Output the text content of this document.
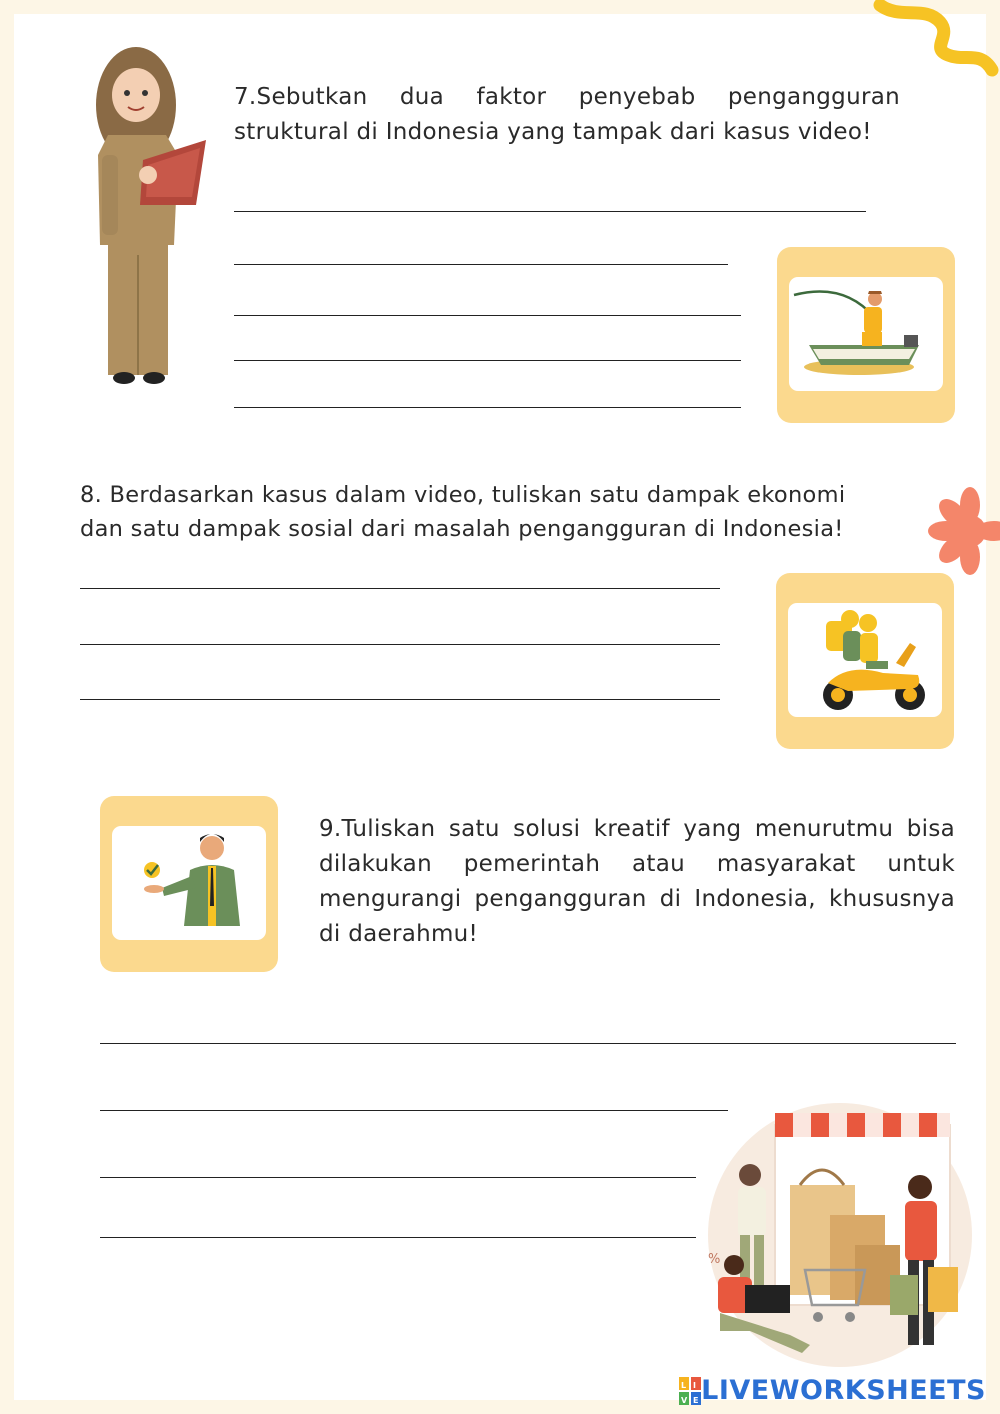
7.Sebutkan dua faktor penyebab pengangguran struktural di Indonesia yang tampak dari kasus video!
8. Berdasarkan kasus dalam video, tuliskan satu dampak ekonomi
dan satu dampak sosial dari masalah pengangguran di Indonesia!
9.Tuliskan satu solusi kreatif yang menurutmu bisa dilakukan pemerintah atau masyarakat untuk mengurangi pengangguran di Indonesia, khususnya di daerahmu!
%
L I
V E LIVEWORKSHEETS
